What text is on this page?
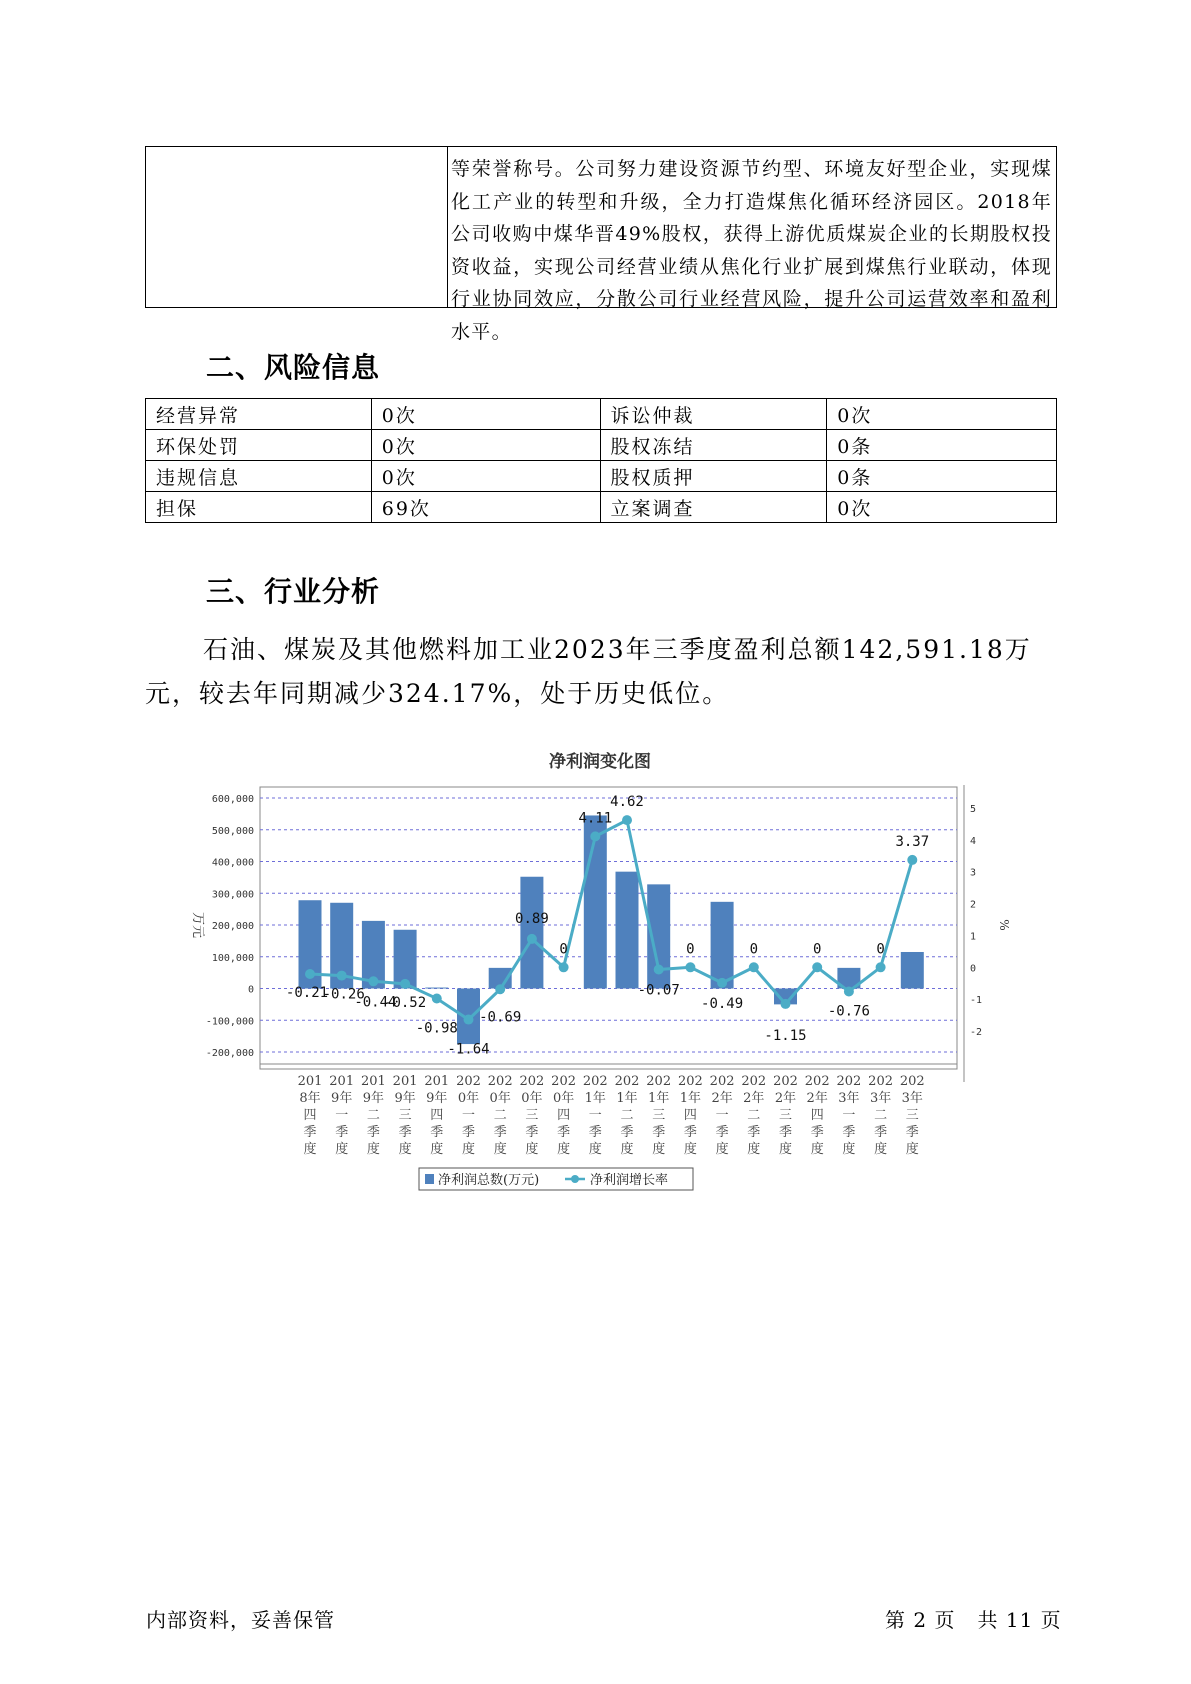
等荣誉称号。公司努力建设资源节约型、环境友好型企业，实现煤化工产业的转型和升级，全力打造煤焦化循环经济园区。2018年公司收购中煤华晋49%股权，获得上游优质煤炭企业的长期股权投资收益，实现公司经营业绩从焦化行业扩展到煤焦行业联动，体现行业协同效应，分散公司行业经营风险，提升公司运营效率和盈利水平。
二、风险信息
经营异常	0次	诉讼仲裁	0次
环保处罚	0次	股权冻结	0条
违规信息	0次	股权质押	0条
担保	69次	立案调查	0次
三、行业分析
石油、煤炭及其他燃料加工业2023年三季度盈利总额142,591.18万元，较去年同期减少324.17%，处于历史低位。
净利润变化图
600,000
500,000
400,000
300,000
200,000
100,000
0
-100,000
-200,000
5
4
3
2
1
0
-1
-2
万元	%
201 8年四季度
201 9年一季度
201 9年二季度
201 9年三季度
201 9年四季度
202 0年一季度
202 0年二季度
202 0年三季度
202 0年四季度
202 1年一季度
202 1年二季度
202 1年三季度
202 1年四季度
202 2年一季度
202 2年二季度
202 2年三季度
202 2年四季度
202 3年一季度
202 3年二季度
202 3年三季度
-0.21
-0.26
-0.44
-0.52
-0.98
-1.64
-0.69
0.89
0
4.11
4.62
-0.07
0
-0.49
0
-1.15
0
-0.76
0
3.37
净利润总数(万元)	净利润增长率
内部资料，妥善保管	第 2 页   共 11 页
